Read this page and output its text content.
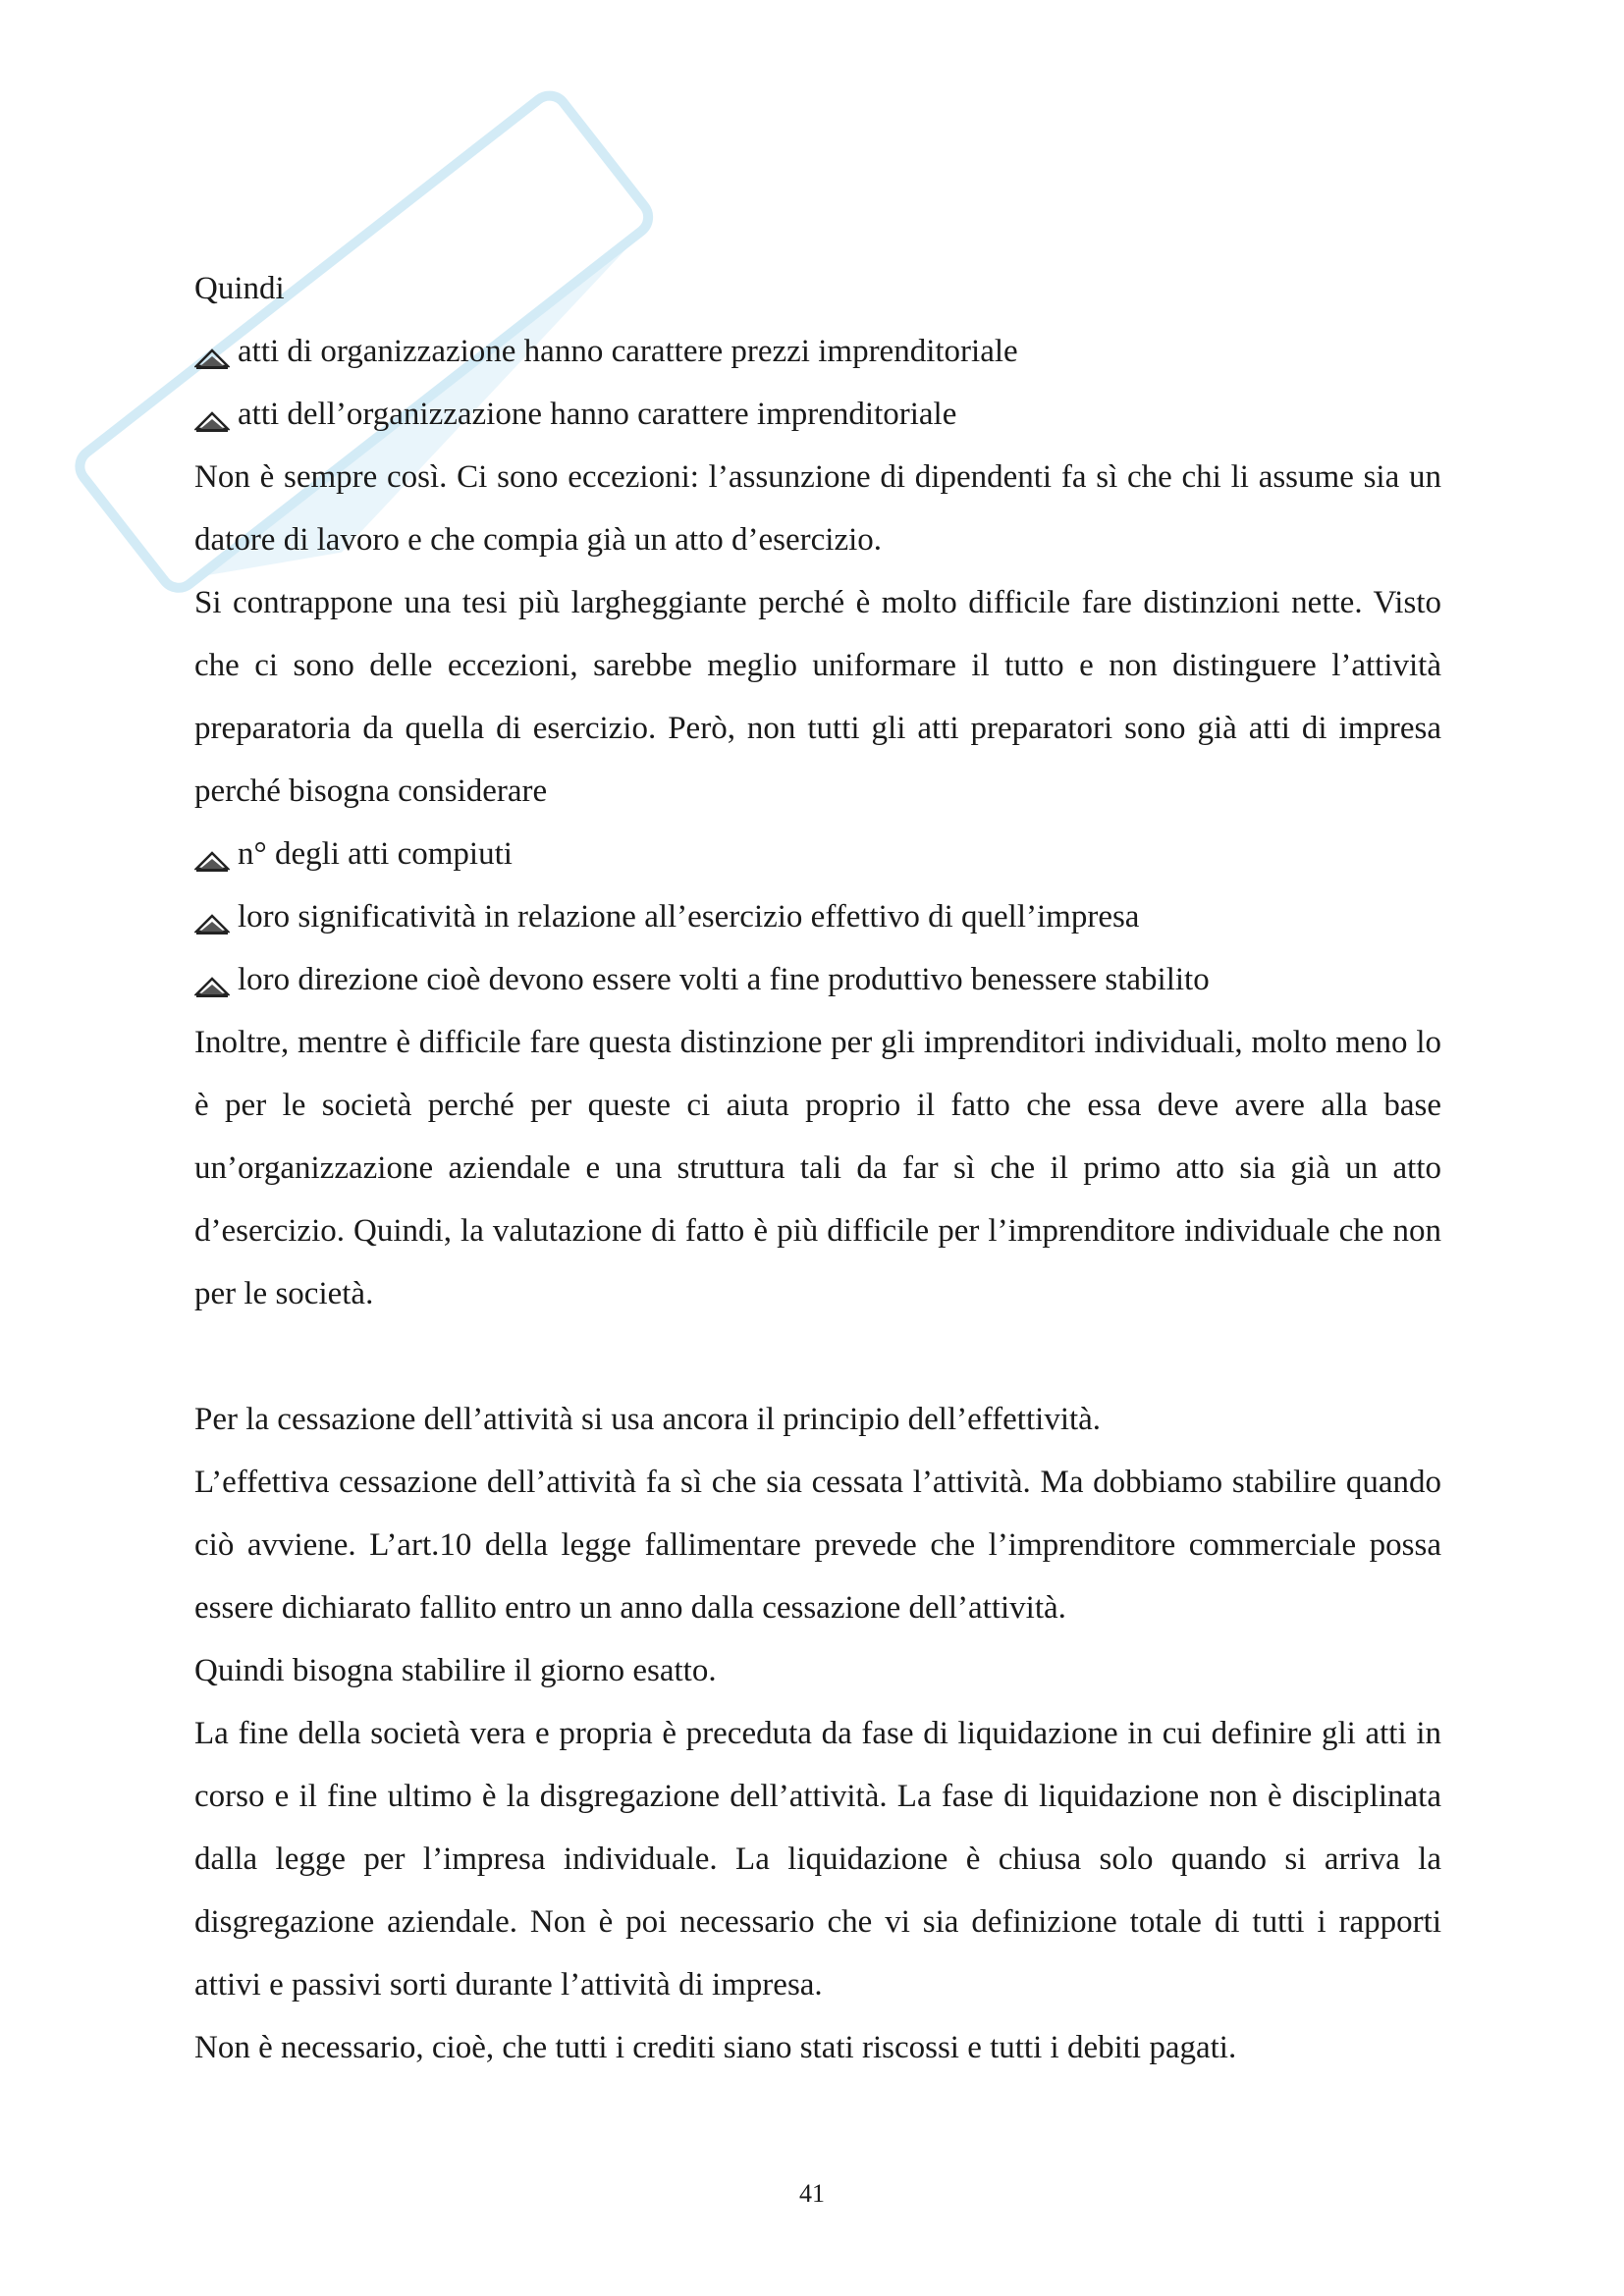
Quindi

atti di organizzazione hanno carattere prezzi imprenditoriale
atti dell’organizzazione hanno carattere imprenditoriale

Non è sempre così. Ci sono eccezioni: l’assunzione di dipendenti fa sì che chi li assume sia un datore di lavoro e che compia già un atto d’esercizio.

Si contrappone una tesi più largheggiante perché è molto difficile fare distinzioni nette. Visto che ci sono delle eccezioni, sarebbe meglio uniformare il tutto e non distinguere l’attività preparatoria da quella di esercizio. Però, non tutti gli atti preparatori sono già atti di impresa perché bisogna considerare

n° degli atti compiuti
loro significatività in relazione all’esercizio effettivo di quell’impresa
loro direzione cioè devono essere volti a fine produttivo benessere stabilito

Inoltre, mentre è difficile fare questa distinzione per gli imprenditori individuali, molto meno lo è per le società perché per queste ci aiuta proprio il fatto che essa deve avere alla base un’organizzazione aziendale e una struttura tali da far sì che il primo atto sia già un atto d’esercizio. Quindi, la valutazione di fatto è più difficile per l’imprenditore individuale che non per le società.

Per la cessazione dell’attività si usa ancora il principio dell’effettività.

L’effettiva cessazione dell’attività fa sì che sia cessata l’attività. Ma dobbiamo stabilire quando ciò avviene. L’art.10 della legge fallimentare prevede che l’imprenditore commerciale possa essere dichiarato fallito entro un anno dalla cessazione dell’attività.

Quindi bisogna stabilire il giorno esatto.

La fine della società vera e propria è preceduta da fase di liquidazione in cui definire gli atti in corso e il fine ultimo è la disgregazione dell’attività. La fase di liquidazione non è disciplinata dalla legge per l’impresa individuale. La liquidazione è chiusa solo quando si arriva la disgregazione aziendale. Non è poi necessario che vi sia definizione totale di tutti i rapporti attivi e passivi sorti durante l’attività di impresa.

Non è necessario, cioè, che tutti i crediti siano stati riscossi e tutti i debiti pagati.

41
